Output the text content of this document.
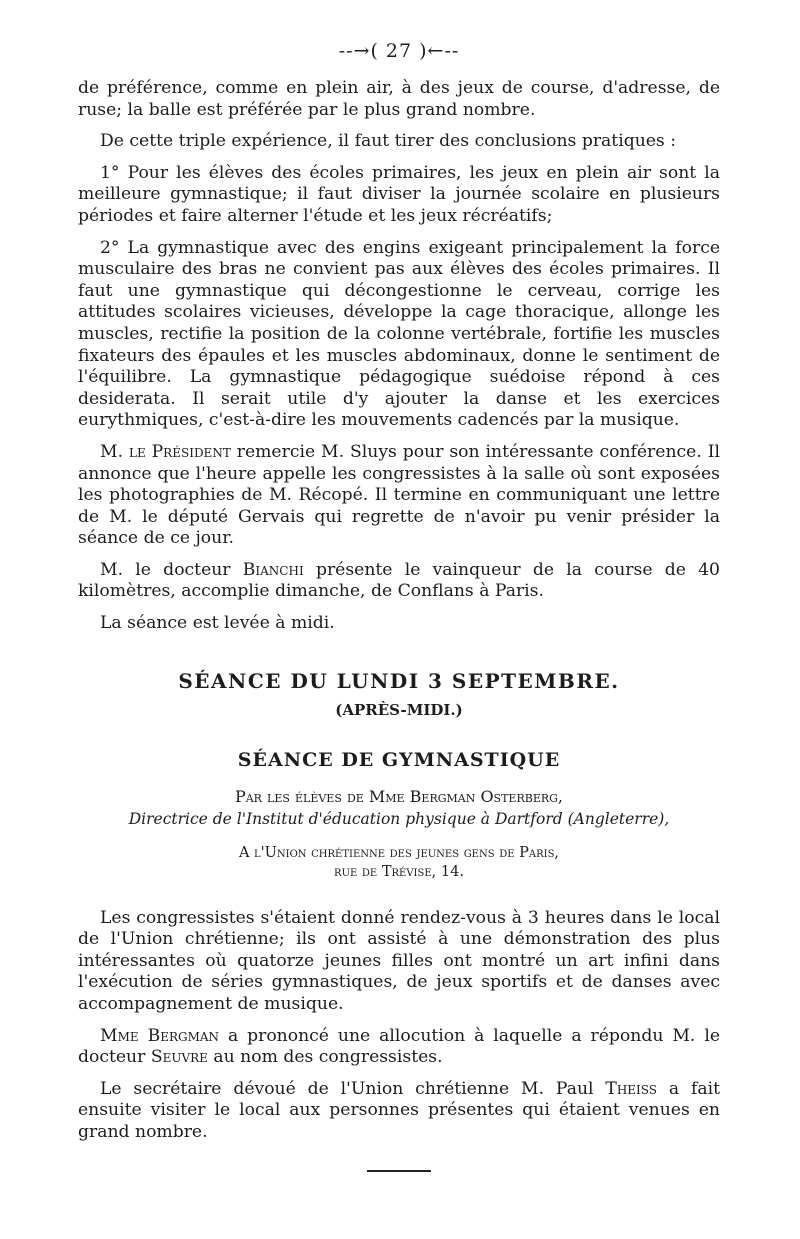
--→( 27 )←--

de préférence, comme en plein air, à des jeux de course, d'adresse, de ruse; la balle est préférée par le plus grand nombre.

De cette triple expérience, il faut tirer des conclusions pratiques :

1° Pour les élèves des écoles primaires, les jeux en plein air sont la meilleure gymnastique; il faut diviser la journée scolaire en plusieurs périodes et faire alterner l'étude et les jeux récréatifs;

2° La gymnastique avec des engins exigeant principalement la force musculaire des bras ne convient pas aux élèves des écoles primaires. Il faut une gymnastique qui décongestionne le cerveau, corrige les attitudes scolaires vicieuses, développe la cage thoracique, allonge les muscles, rectifie la position de la colonne vertébrale, fortifie les muscles fixateurs des épaules et les muscles abdominaux, donne le sentiment de l'équilibre. La gymnastique pédagogique suédoise répond à ces desiderata. Il serait utile d'y ajouter la danse et les exercices eurythmiques, c'est-à-dire les mouvements cadencés par la musique.

M. le Président remercie M. Sluys pour son intéressante conférence. Il annonce que l'heure appelle les congressistes à la salle où sont exposées les photographies de M. Récopé. Il termine en communiquant une lettre de M. le député Gervais qui regrette de n'avoir pu venir présider la séance de ce jour.

M. le docteur Bianchi présente le vainqueur de la course de 40 kilomètres, accomplie dimanche, de Conflans à Paris.

La séance est levée à midi.

SÉANCE DU LUNDI 3 SEPTEMBRE.
(APRÈS-MIDI.)
SÉANCE DE GYMNASTIQUE
Par les élèves de Mme Bergman Osterberg,
Directrice de l'Institut d'éducation physique à Dartford (Angleterre),
A l'Union chrétienne des jeunes gens de Paris,
rue de Trévise, 14.

Les congressistes s'étaient donné rendez-vous à 3 heures dans le local de l'Union chrétienne; ils ont assisté à une démonstration des plus intéressantes où quatorze jeunes filles ont montré un art infini dans l'exécution de séries gymnastiques, de jeux sportifs et de danses avec accompagnement de musique.

Mme Bergman a prononcé une allocution à laquelle a répondu M. le docteur Seuvre au nom des congressistes.

Le secrétaire dévoué de l'Union chrétienne M. Paul Theiss a fait ensuite visiter le local aux personnes présentes qui étaient venues en grand nombre.
